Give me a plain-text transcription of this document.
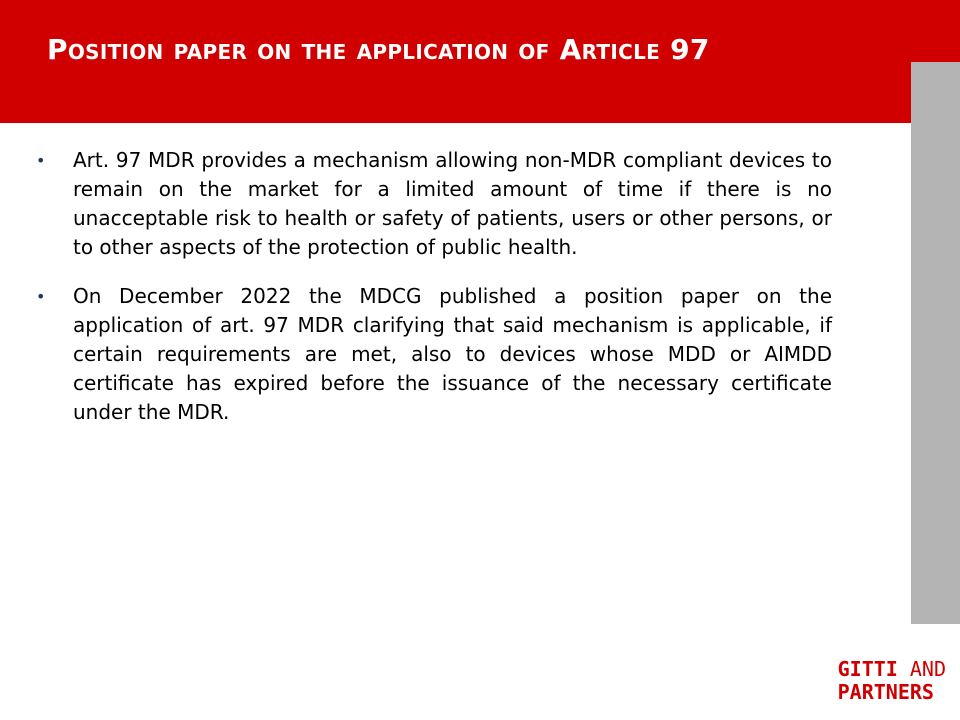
Position paper on the application of Article 97
• Art. 97 MDR provides a mechanism allowing non-MDR compliant devices to remain on the market for a limited amount of time if there is no unacceptable risk to health or safety of patients, users or other persons, or to other aspects of the protection of public health.
• On December 2022 the MDCG published a position paper on the application of art. 97 MDR clarifying that said mechanism is applicable, if certain requirements are met, also to devices whose MDD or AIMDD certificate has expired before the issuance of the necessary certificate under the MDR.
GITTI AND
PARTNERS
